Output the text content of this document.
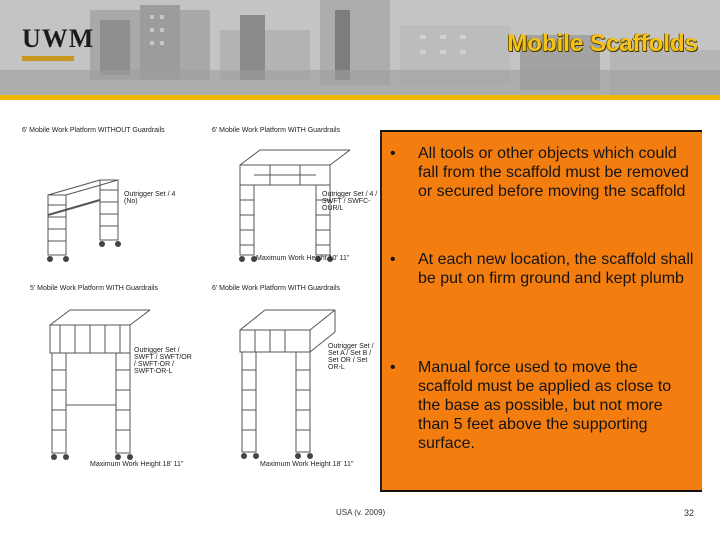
UWM	Mobile Scaffolds
6' Mobile Work Platform WITHOUT Guardrails
Outrigger Set / 4 (No)
6' Mobile Work Platform WITH Guardrails
Outrigger Set / 4 / SWFT / SWFC-OUR/L
Maximum Work Height 10' 11"
5' Mobile Work Platform WITH Guardrails
Outrigger Set / SWFT / SWFT/OR / SWFT-OR / SWFT-OR-L
Maximum Work Height 18' 11"
6' Mobile Work Platform WITH Guardrails
Outrigger Set / Set A / Set B / Set OR / Set OR-L
Maximum Work Height 18' 11"
•	All tools or other objects which could fall from the scaffold must be removed or secured before moving the scaffold
•	At each new location, the scaffold shall be put on firm ground and kept plumb
•	Manual force used to move the scaffold must be applied as close to the base as possible, but not more than 5 feet above the supporting surface.
USA (v. 2009)	32
